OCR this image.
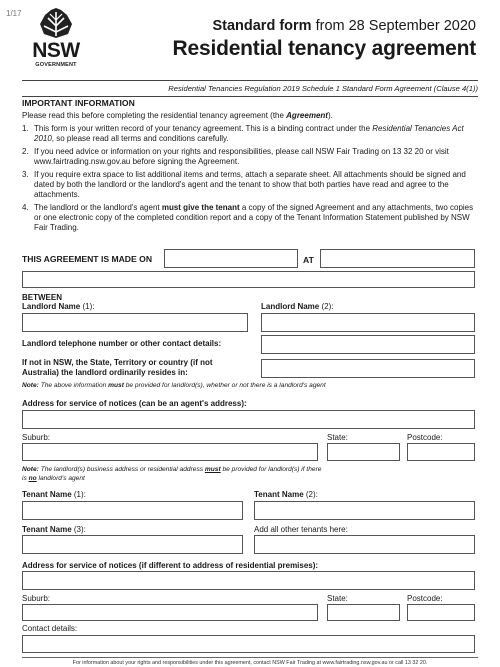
1/17
NSW
GOVERNMENT
Standard form from 28 September 2020
Residential tenancy agreement
Residential Tenancies Regulation 2019 Schedule 1 Standard Form Agreement (Clause 4(1))
IMPORTANT INFORMATION
Please read this before completing the residential tenancy agreement (the Agreement).
1. This form is your written record of your tenancy agreement. This is a binding contract under the Residential Tenancies Act 2010, so please read all terms and conditions carefully.
2. If you need advice or information on your rights and responsibilities, please call NSW Fair Trading on 13 32 20 or visit www.fairtrading.nsw.gov.au before signing the Agreement.
3. If you require extra space to list additional items and terms, attach a separate sheet. All attachments should be signed and dated by both the landlord or the landlord's agent and the tenant to show that both parties have read and agree to the attachments.
4. The landlord or the landlord's agent must give the tenant a copy of the signed Agreement and any attachments, two copies or one electronic copy of the completed condition report and a copy of the Tenant Information Statement published by NSW Fair Trading.
THIS AGREEMENT IS MADE ON	AT
BETWEEN
Landlord Name (1):	Landlord Name (2):
Landlord telephone number or other contact details:
If not in NSW, the State, Territory or country (if not
Australia) the landlord ordinarily resides in:
Note: The above information must be provided for landlord(s), whether or not there is a landlord's agent
Address for service of notices (can be an agent's address):
Suburb:	State:	Postcode:
Note: The landlord(s) business address or residential address must be provided for landlord(s) if there
is no landlord's agent
Tenant Name (1):	Tenant Name (2):
Tenant Name (3):	Add all other tenants here:
Address for service of notices (if different to address of residential premises):
Suburb:	State:	Postcode:
Contact details:
For information about your rights and responsibilities under this agreement, contact NSW Fair Trading at www.fairtrading.nsw.gov.au or call 13 32 20.
